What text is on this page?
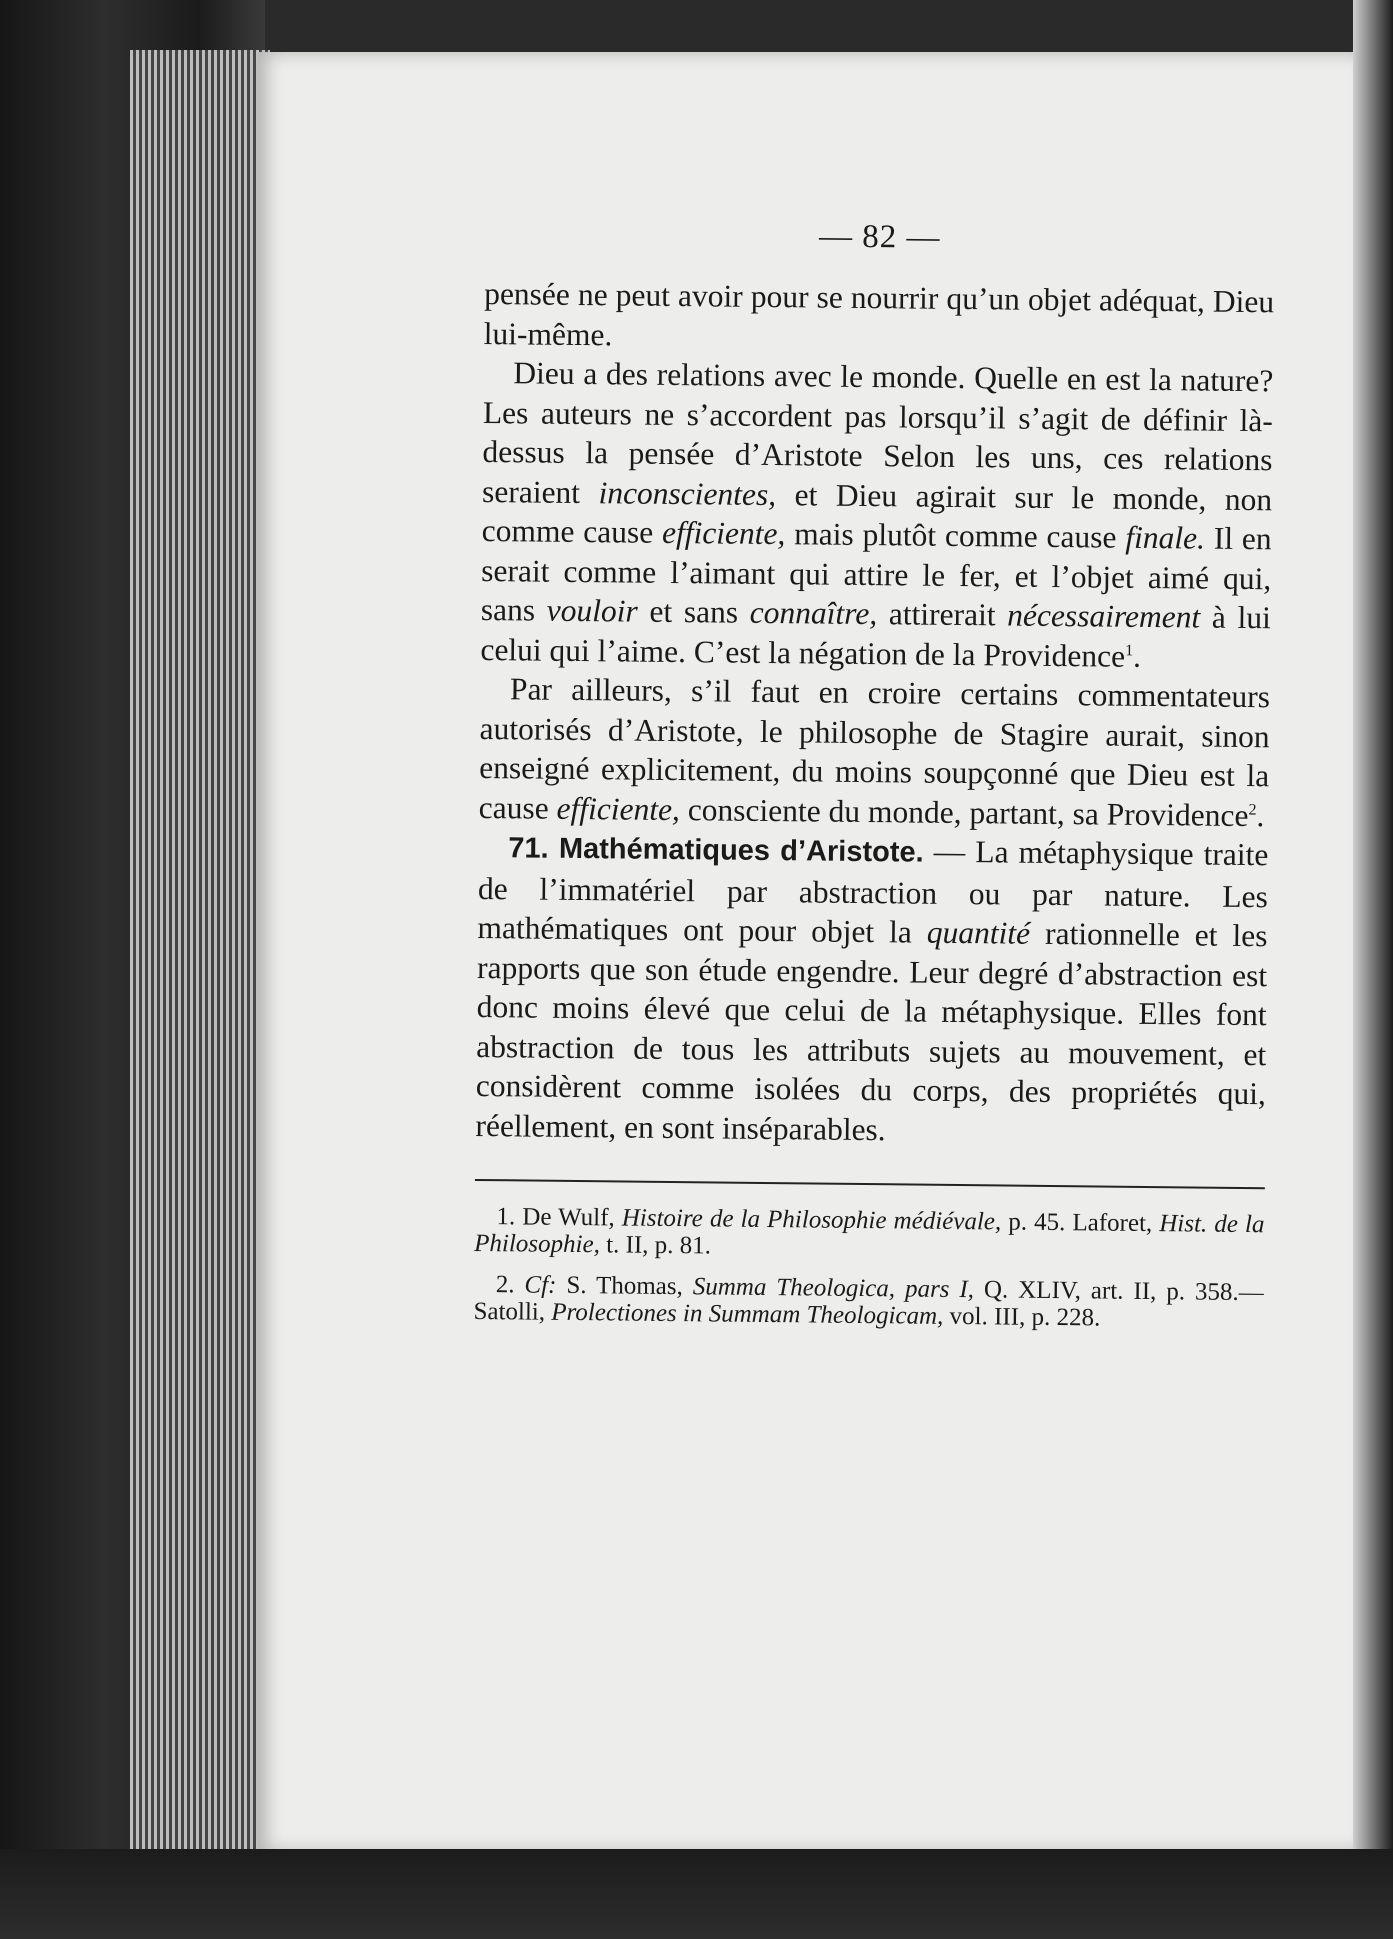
— 82 —

pensée ne peut avoir pour se nourrir qu’un objet adéquat, Dieu lui-même.

Dieu a des relations avec le monde. Quelle en est la nature? Les auteurs ne s’accordent pas lorsqu’il s’agit de définir là-dessus la pensée d’Aristote Selon les uns, ces relations seraient inconscientes, et Dieu agirait sur le monde, non comme cause efficiente, mais plutôt comme cause finale. Il en serait comme l’aimant qui attire le fer, et l’objet aimé qui, sans vouloir et sans connaître, attirerait nécessairement à lui celui qui l’aime. C’est la négation de la Providence$^1$.

Par ailleurs, s’il faut en croire certains commentateurs autorisés d’Aristote, le philosophe de Stagire aurait, sinon enseigné explicitement, du moins soupçonné que Dieu est la cause efficiente, consciente du monde, partant, sa Providence$^2$.

71. Mathématiques d’Aristote. — La métaphysique traite de l’immatériel par abstraction ou par nature. Les mathématiques ont pour objet la quantité rationnelle et les rapports que son étude engendre. Leur degré d’abstraction est donc moins élevé que celui de la métaphysique. Elles font abstraction de tous les attributs sujets au mouvement, et considèrent comme isolées du corps, des propriétés qui, réellement, en sont inséparables.

1. De Wulf, Histoire de la Philosophie médiévale, p. 45. Laforet, Hist. de la Philosophie, t. II, p. 81.

2. Cf: S. Thomas, Summa Theologica, pars I, Q. XLIV, art. II, p. 358.—Satolli, Prolectiones in Summam Theologicam, vol. III, p. 228.
